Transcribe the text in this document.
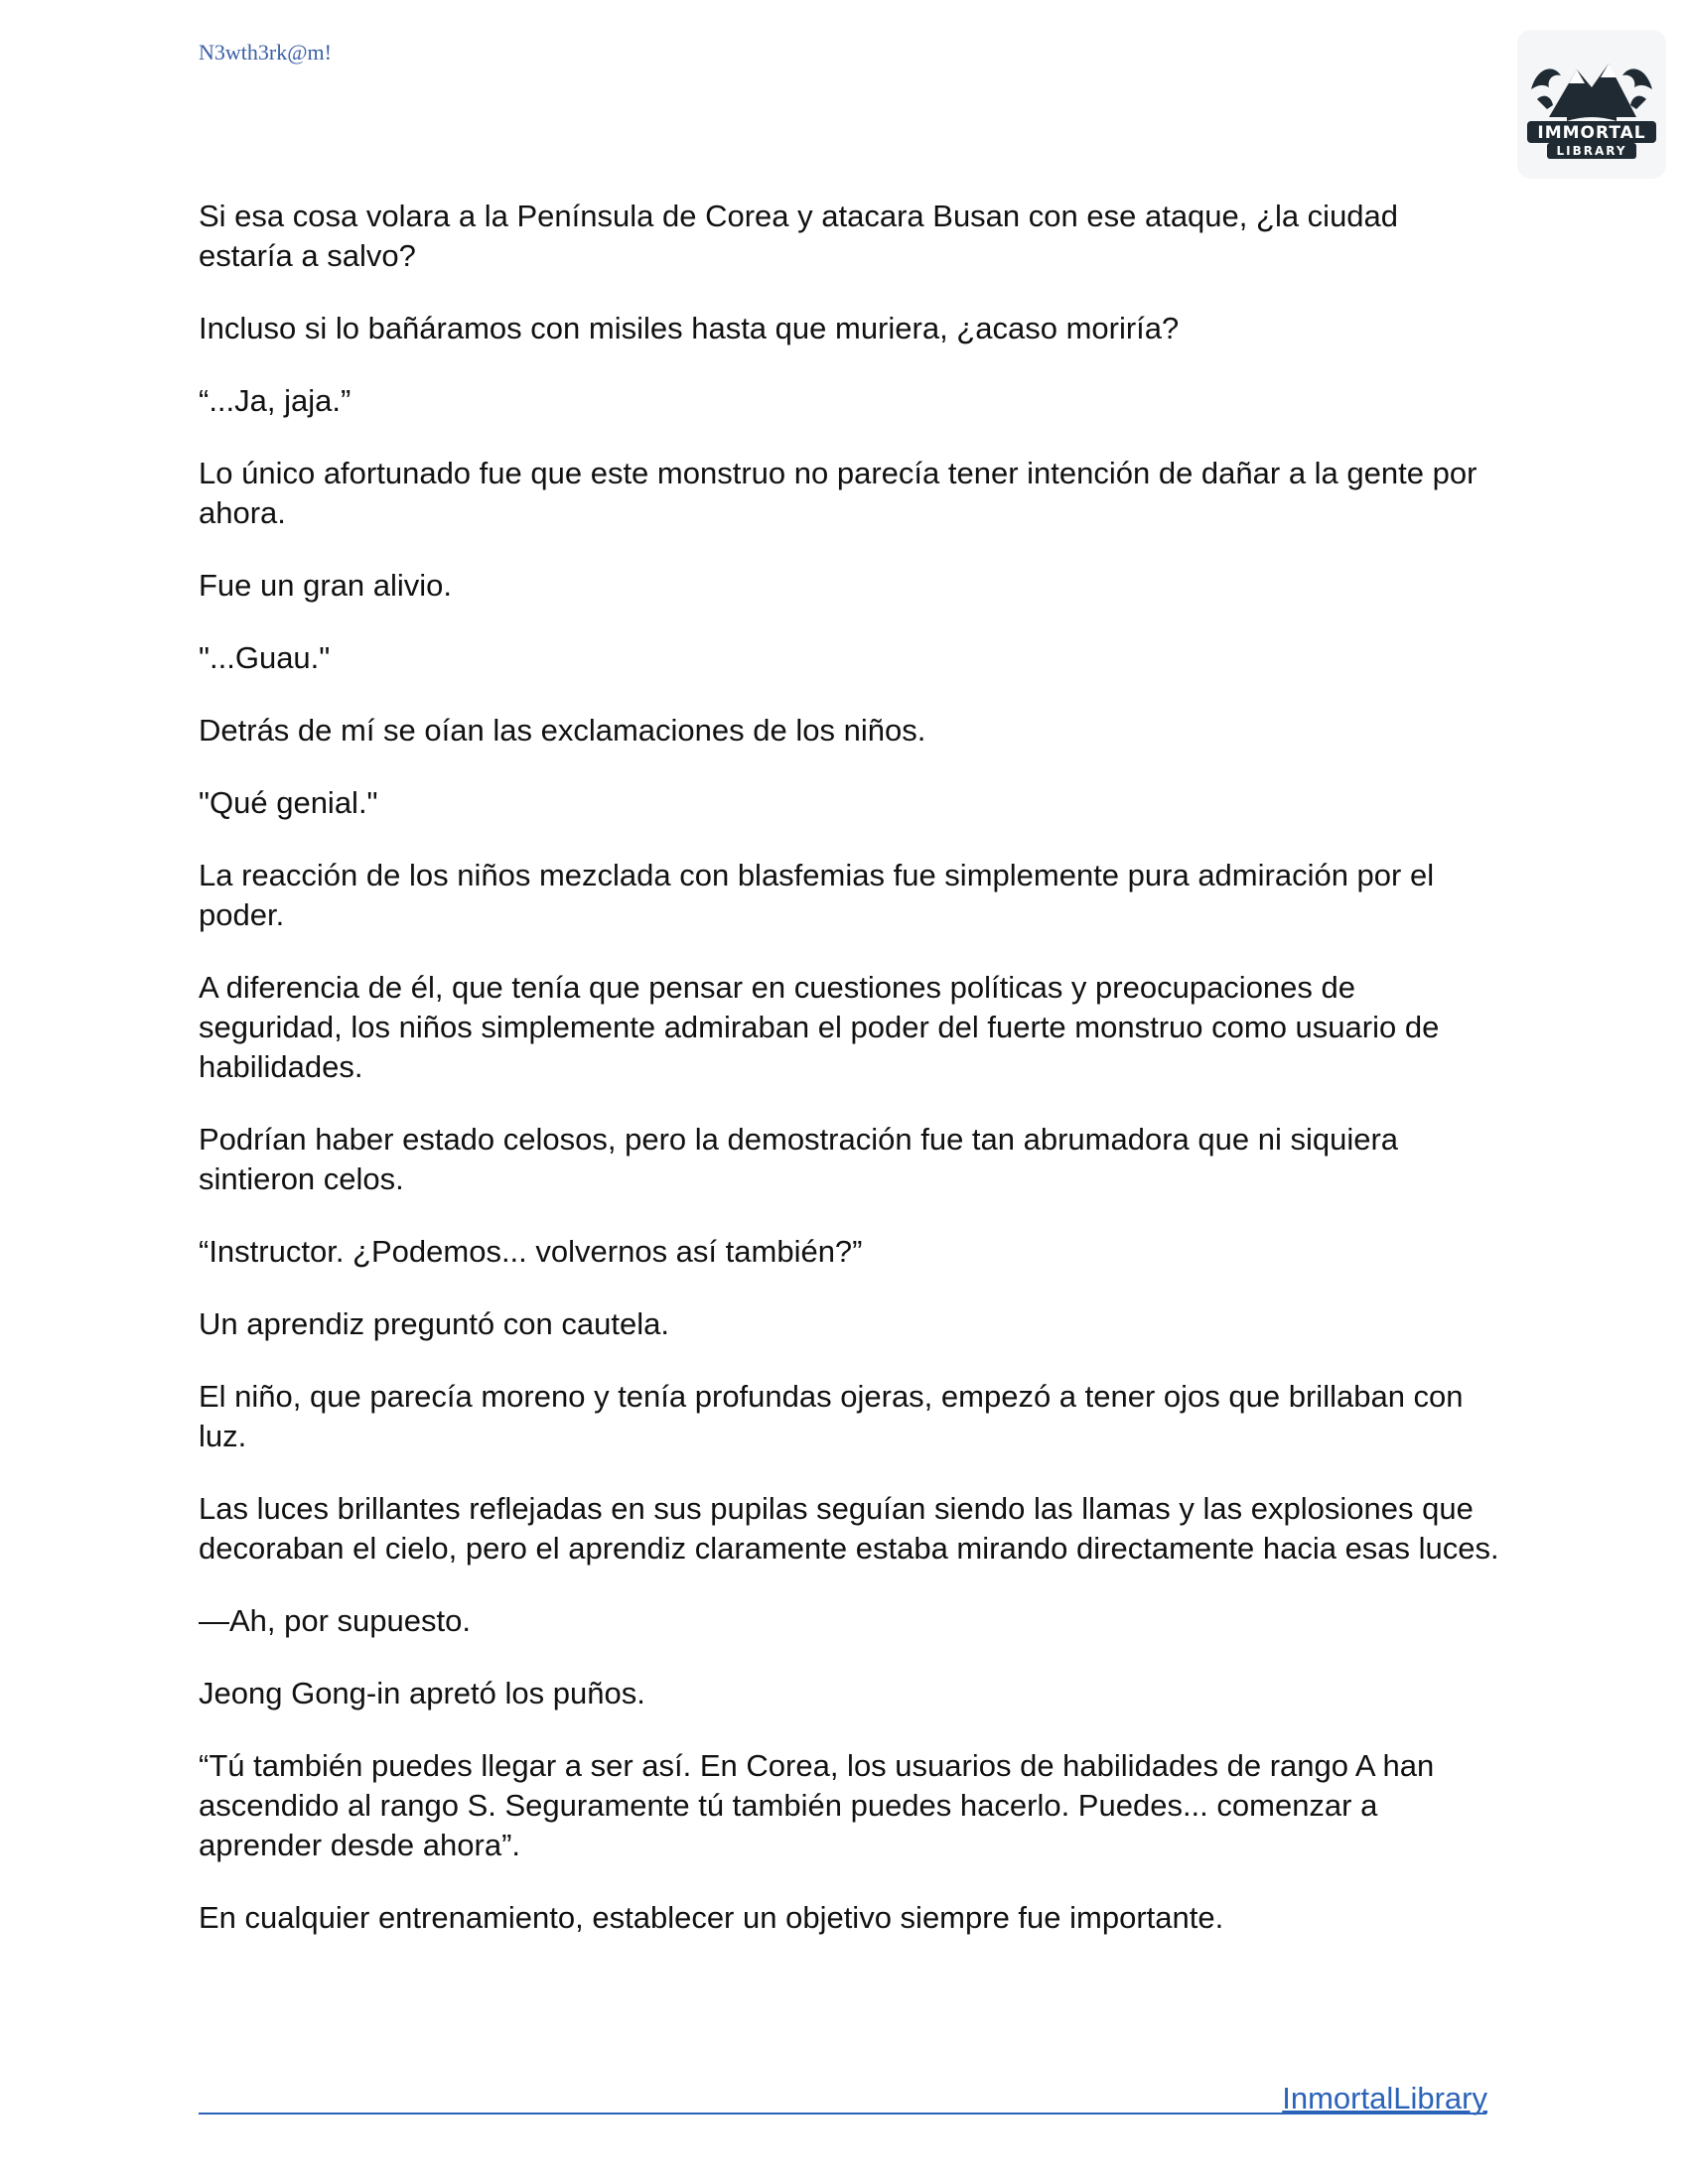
N3wth3rk@m!
IMMORTAL
LIBRARY

Si esa cosa volara a la Península de Corea y atacara Busan con ese ataque, ¿la ciudad estaría a salvo?

Incluso si lo bañáramos con misiles hasta que muriera, ¿acaso moriría?

“...Ja, jaja.”

Lo único afortunado fue que este monstruo no parecía tener intención de dañar a la gente por ahora.

Fue un gran alivio.

"...Guau."

Detrás de mí se oían las exclamaciones de los niños.

"Qué genial."

La reacción de los niños mezclada con blasfemias fue simplemente pura admiración por el poder.

A diferencia de él, que tenía que pensar en cuestiones políticas y preocupaciones de seguridad, los niños simplemente admiraban el poder del fuerte monstruo como usuario de habilidades.

Podrían haber estado celosos, pero la demostración fue tan abrumadora que ni siquiera sintieron celos.

“Instructor. ¿Podemos... volvernos así también?”

Un aprendiz preguntó con cautela.

El niño, que parecía moreno y tenía profundas ojeras, empezó a tener ojos que brillaban con luz.

Las luces brillantes reflejadas en sus pupilas seguían siendo las llamas y las explosiones que decoraban el cielo, pero el aprendiz claramente estaba mirando directamente hacia esas luces.

—Ah, por supuesto.

Jeong Gong-in apretó los puños.

“Tú también puedes llegar a ser así. En Corea, los usuarios de habilidades de rango A han ascendido al rango S. Seguramente tú también puedes hacerlo. Puedes... comenzar a aprender desde ahora”.

En cualquier entrenamiento, establecer un objetivo siempre fue importante.

InmortalLibrary
